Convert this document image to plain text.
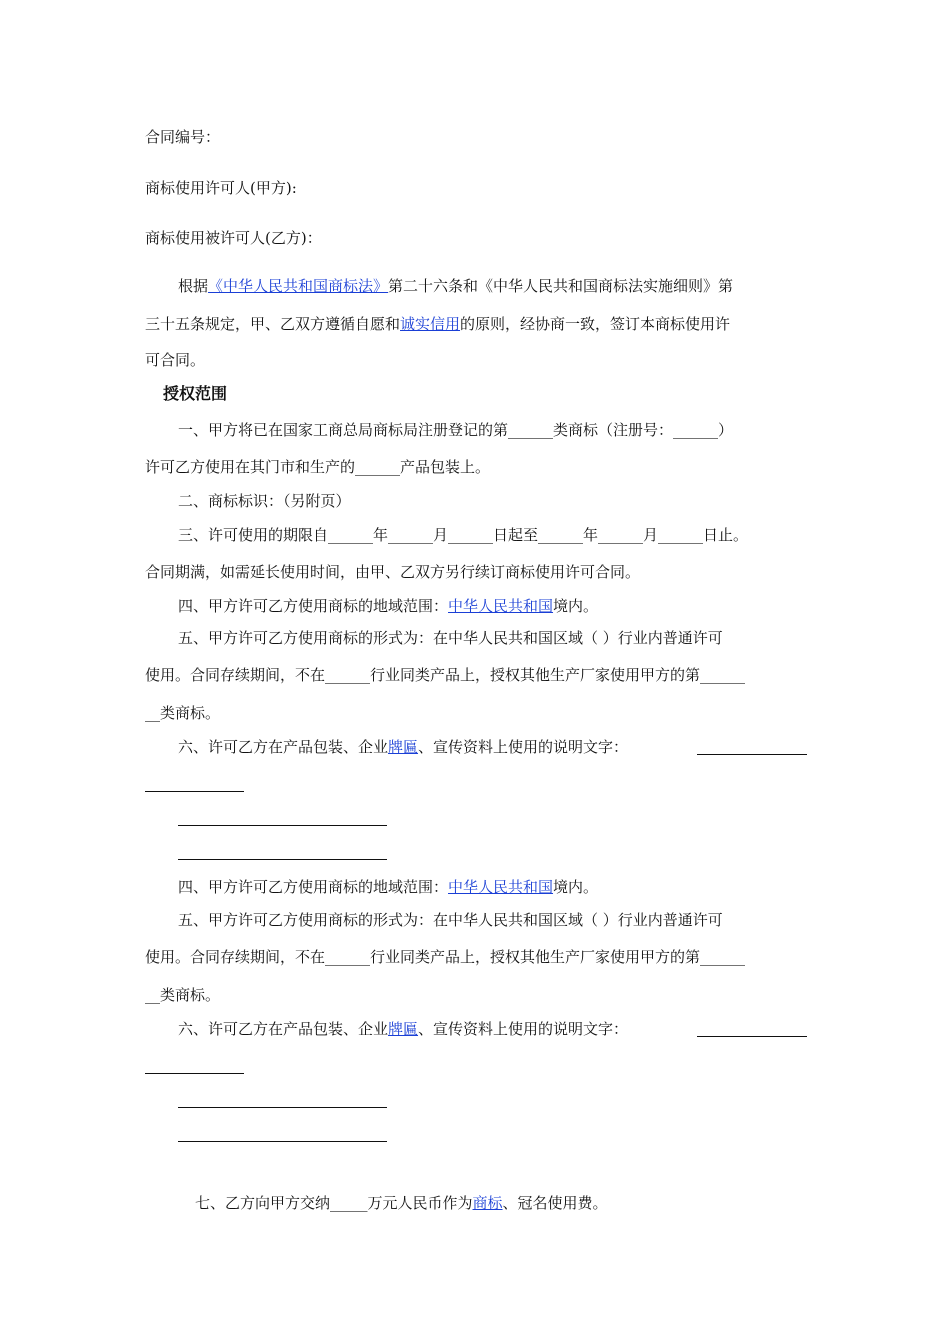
合同编号：
商标使用许可人(甲方):
商标使用被许可人(乙方)：
根据《中华人民共和国商标法》第二十六条和《中华人民共和国商标法实施细则》第
三十五条规定，甲、乙双方遵循自愿和诚实信用的原则，经协商一致，签订本商标使用许
可合同。
授权范围
一、甲方将已在国家工商总局商标局注册登记的第______类商标（注册号：______）
许可乙方使用在其门市和生产的______产品包装上。
二、商标标识：（另附页）
三、许可使用的期限自______年______月______日起至______年______月______日止。
合同期满，如需延长使用时间，由甲、乙双方另行续订商标使用许可合同。
四、甲方许可乙方使用商标的地域范围：中华人民共和国境内。
五、甲方许可乙方使用商标的形式为：在中华人民共和国区域（ ）行业内普通许可
使用。合同存续期间，不在______行业同类产品上，授权其他生产厂家使用甲方的第______
__类商标。
六、许可乙方在产品包装、企业牌匾、宣传资料上使用的说明文字：
四、甲方许可乙方使用商标的地域范围：中华人民共和国境内。
五、甲方许可乙方使用商标的形式为：在中华人民共和国区域（ ）行业内普通许可
使用。合同存续期间，不在______行业同类产品上，授权其他生产厂家使用甲方的第______
__类商标。
六、许可乙方在产品包装、企业牌匾、宣传资料上使用的说明文字：
七、乙方向甲方交纳_____万元人民币作为商标、冠名使用费。
